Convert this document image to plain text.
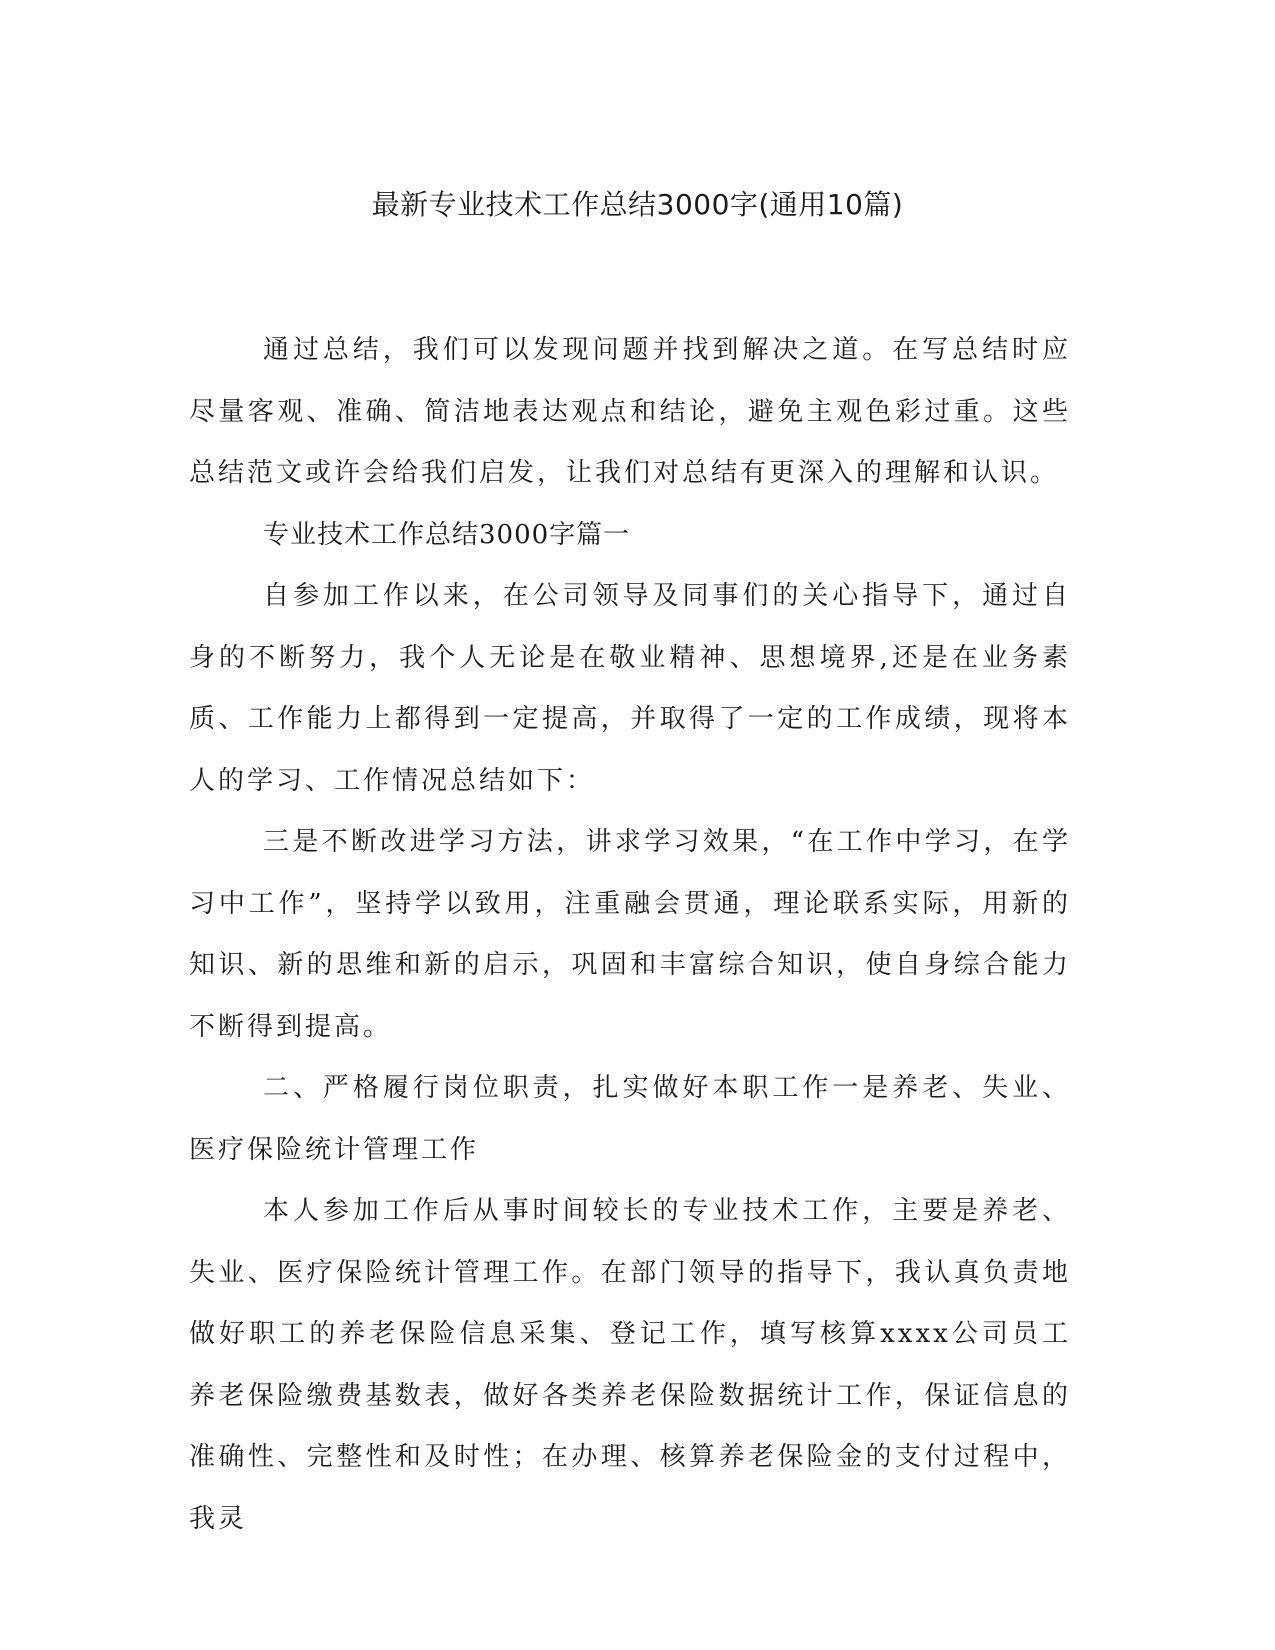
最新专业技术工作总结3000字(通用10篇)

通过总结，我们可以发现问题并找到解决之道。在写总结时应尽量客观、准确、简洁地表达观点和结论，避免主观色彩过重。这些总结范文或许会给我们启发，让我们对总结有更深入的理解和认识。

专业技术工作总结3000字篇一

自参加工作以来，在公司领导及同事们的关心指导下，通过自身的不断努力，我个人无论是在敬业精神、思想境界,还是在业务素质、工作能力上都得到一定提高，并取得了一定的工作成绩，现将本人的学习、工作情况总结如下：

三是不断改进学习方法，讲求学习效果，“在工作中学习，在学习中工作”，坚持学以致用，注重融会贯通，理论联系实际，用新的知识、新的思维和新的启示，巩固和丰富综合知识，使自身综合能力不断得到提高。

二、严格履行岗位职责，扎实做好本职工作一是养老、失业、医疗保险统计管理工作

本人参加工作后从事时间较长的专业技术工作，主要是养老、失业、医疗保险统计管理工作。在部门领导的指导下，我认真负责地做好职工的养老保险信息采集、登记工作，填写核算xxxx公司员工养老保险缴费基数表，做好各类养老保险数据统计工作，保证信息的准确性、完整性和及时性；在办理、核算养老保险金的支付过程中，我灵
